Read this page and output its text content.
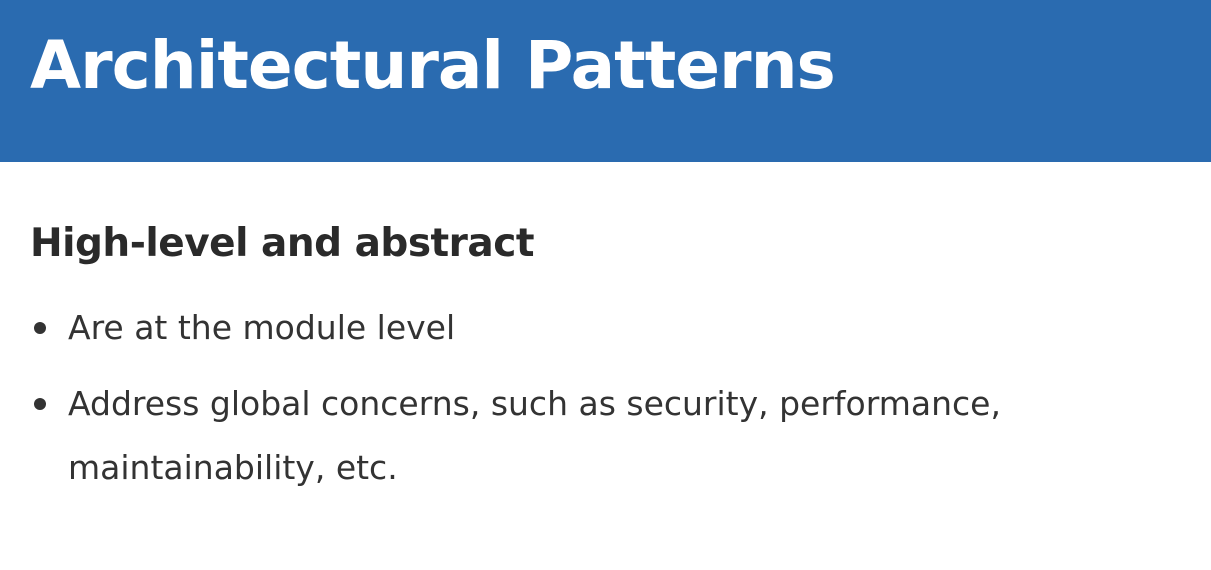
Architectural Patterns
High-level and abstract
Are at the module level
Address global concerns, such as security, performance, maintainability, etc.
